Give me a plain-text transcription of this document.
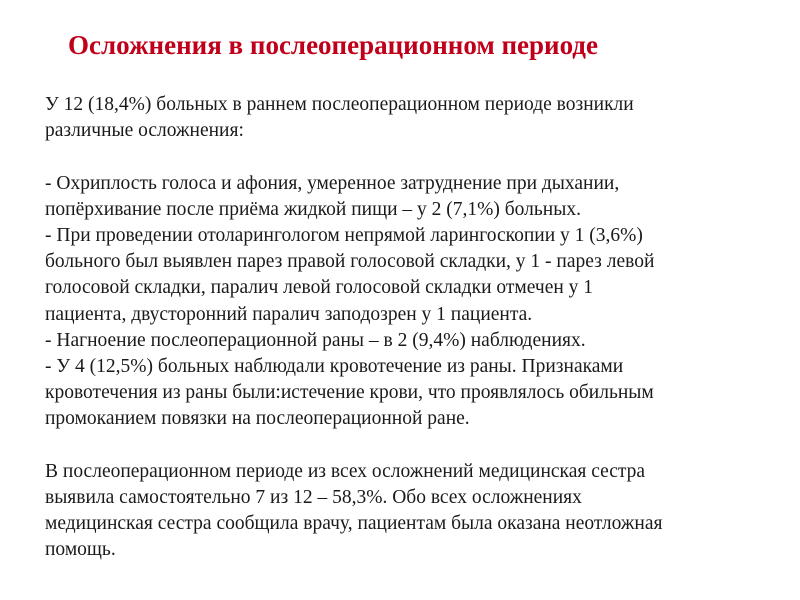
Осложнения в послеоперационном периоде
У 12 (18,4%) больных в раннем послеоперационном периоде возникли
различные осложнения:
- Охриплость голоса и афония, умеренное затруднение при дыхании,
попёрхивание после приёма жидкой пищи – у 2 (7,1%) больных.
- При проведении отоларингологом непрямой ларингоскопии у 1 (3,6%)
больного был выявлен парез правой голосовой складки, у 1 - парез левой
голосовой складки, паралич левой голосовой складки отмечен у 1
пациента, двусторонний паралич заподозрен у 1 пациента.
- Нагноение послеоперационной раны – в 2 (9,4%) наблюдениях.
- У 4 (12,5%) больных наблюдали кровотечение из раны. Признаками
кровотечения из раны были:истечение крови, что проявлялось обильным
промоканием повязки на послеоперационной ране.
В послеоперационном периоде из всех осложнений медицинская сестра
выявила самостоятельно 7 из 12 – 58,3%. Обо всех осложнениях
медицинская сестра сообщила врачу, пациентам была оказана неотложная
помощь.
